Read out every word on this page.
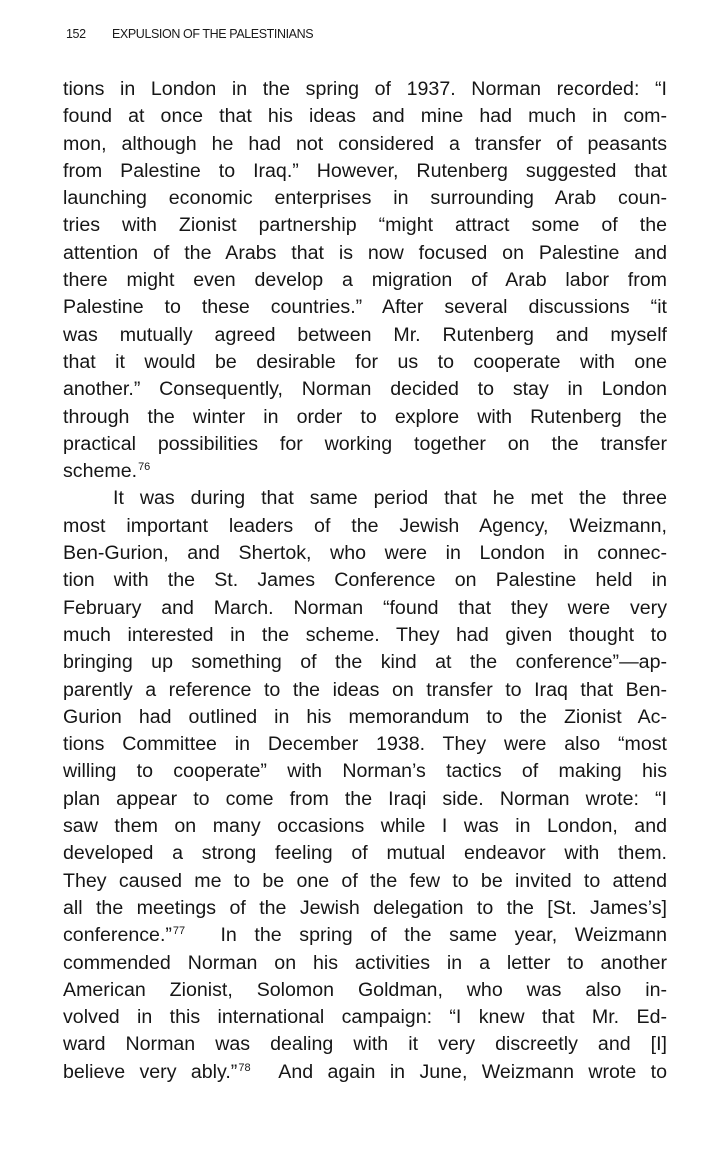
152 EXPULSION OF THE PALESTINIANS
tions in London in the spring of 1937. Norman recorded: “I
found at once that his ideas and mine had much in com-
mon, although he had not considered a transfer of peasants
from Palestine to Iraq.” However, Rutenberg suggested that
launching economic enterprises in surrounding Arab coun-
tries with Zionist partnership “might attract some of the
attention of the Arabs that is now focused on Palestine and
there might even develop a migration of Arab labor from
Palestine to these countries.” After several discussions “it
was mutually agreed between Mr. Rutenberg and myself
that it would be desirable for us to cooperate with one
another.” Consequently, Norman decided to stay in London
through the winter in order to explore with Rutenberg the
practical possibilities for working together on the transfer
scheme.$^{76}$
It was during that same period that he met the three
most important leaders of the Jewish Agency, Weizmann,
Ben-Gurion, and Shertok, who were in London in connec-
tion with the St. James Conference on Palestine held in
February and March. Norman “found that they were very
much interested in the scheme. They had given thought to
bringing up something of the kind at the conference”—ap-
parently a reference to the ideas on transfer to Iraq that Ben-
Gurion had outlined in his memorandum to the Zionist Ac-
tions Committee in December 1938. They were also “most
willing to cooperate” with Norman’s tactics of making his
plan appear to come from the Iraqi side. Norman wrote: “I
saw them on many occasions while I was in London, and
developed a strong feeling of mutual endeavor with them.
They caused me to be one of the few to be invited to attend
all the meetings of the Jewish delegation to the [St. James’s]
conference.”$^{77}$  In the spring of the same year, Weizmann
commended Norman on his activities in a letter to another
American Zionist, Solomon Goldman, who was also in-
volved in this international campaign: “I knew that Mr. Ed-
ward Norman was dealing with it very discreetly and [I]
believe very ably.”$^{78}$  And again in June, Weizmann wrote to
